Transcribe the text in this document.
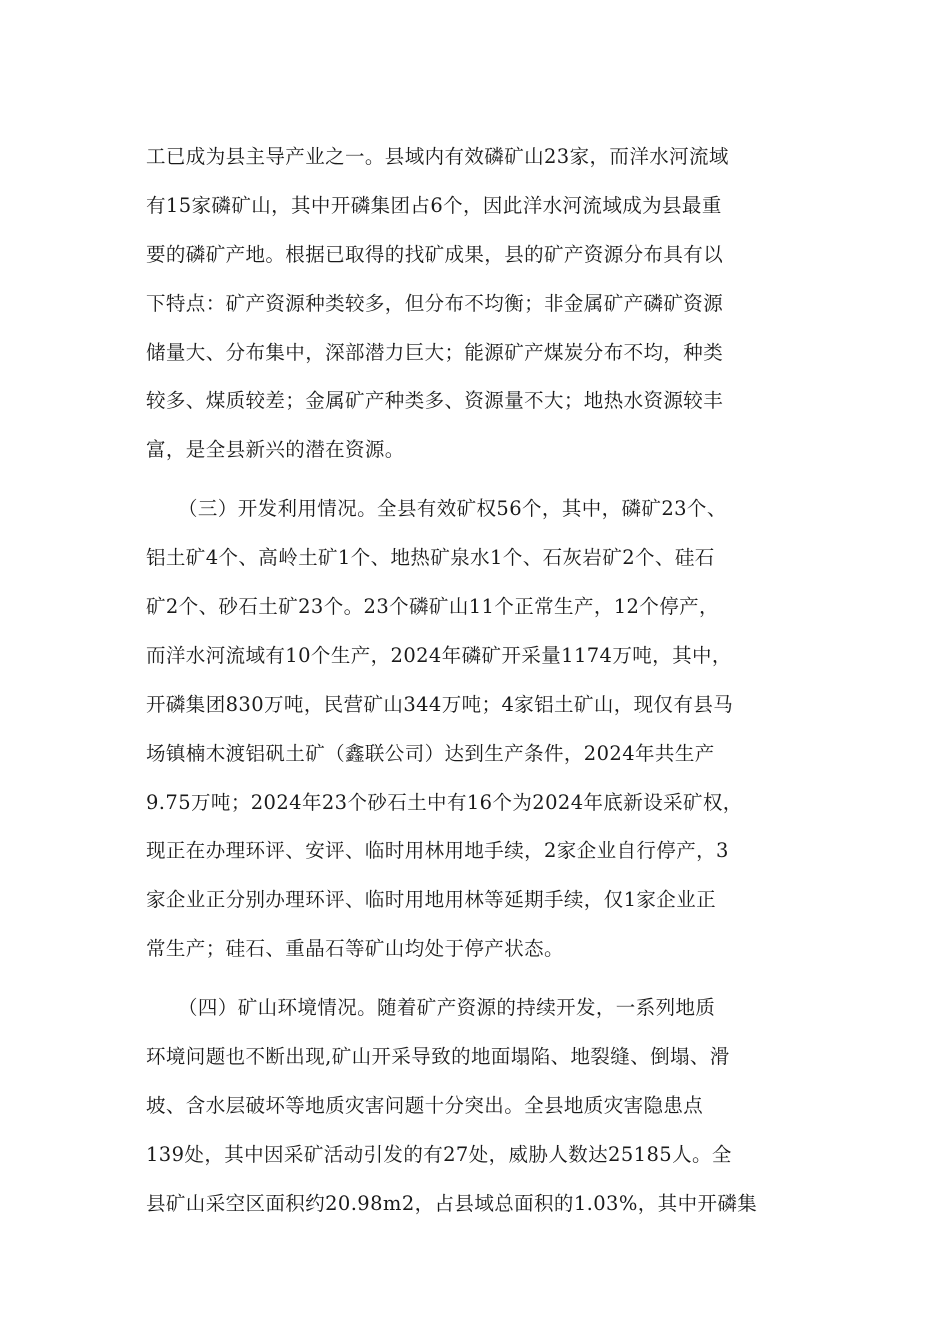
工已成为县主导产业之一。县域内有效磷矿山23家，而洋水河流域
有15家磷矿山，其中开磷集团占6个，因此洋水河流域成为县最重
要的磷矿产地。根据已取得的找矿成果，县的矿产资源分布具有以
下特点：矿产资源种类较多，但分布不均衡；非金属矿产磷矿资源
储量大、分布集中，深部潜力巨大；能源矿产煤炭分布不均，种类
较多、煤质较差；金属矿产种类多、资源量不大；地热水资源较丰
富，是全县新兴的潜在资源。
（三）开发利用情况。全县有效矿权56个，其中，磷矿23个、
铝土矿4个、高岭土矿1个、地热矿泉水1个、石灰岩矿2个、硅石
矿2个、砂石土矿23个。23个磷矿山11个正常生产，12个停产，
而洋水河流域有10个生产，2024年磷矿开采量1174万吨，其中，
开磷集团830万吨，民营矿山344万吨；4家铝土矿山，现仅有县马
场镇楠木渡铝矾土矿（鑫联公司）达到生产条件，2024年共生产
9.75万吨；2024年23个砂石土中有16个为2024年底新设采矿权，
现正在办理环评、安评、临时用林用地手续，2家企业自行停产，3
家企业正分别办理环评、临时用地用林等延期手续，仅1家企业正
常生产；硅石、重晶石等矿山均处于停产状态。
（四）矿山环境情况。随着矿产资源的持续开发，一系列地质
环境问题也不断出现,矿山开采导致的地面塌陷、地裂缝、倒塌、滑
坡、含水层破坏等地质灾害问题十分突出。全县地质灾害隐患点
139处，其中因采矿活动引发的有27处，威胁人数达25185人。全
县矿山采空区面积约20.98m2，占县域总面积的1.03%，其中开磷集
